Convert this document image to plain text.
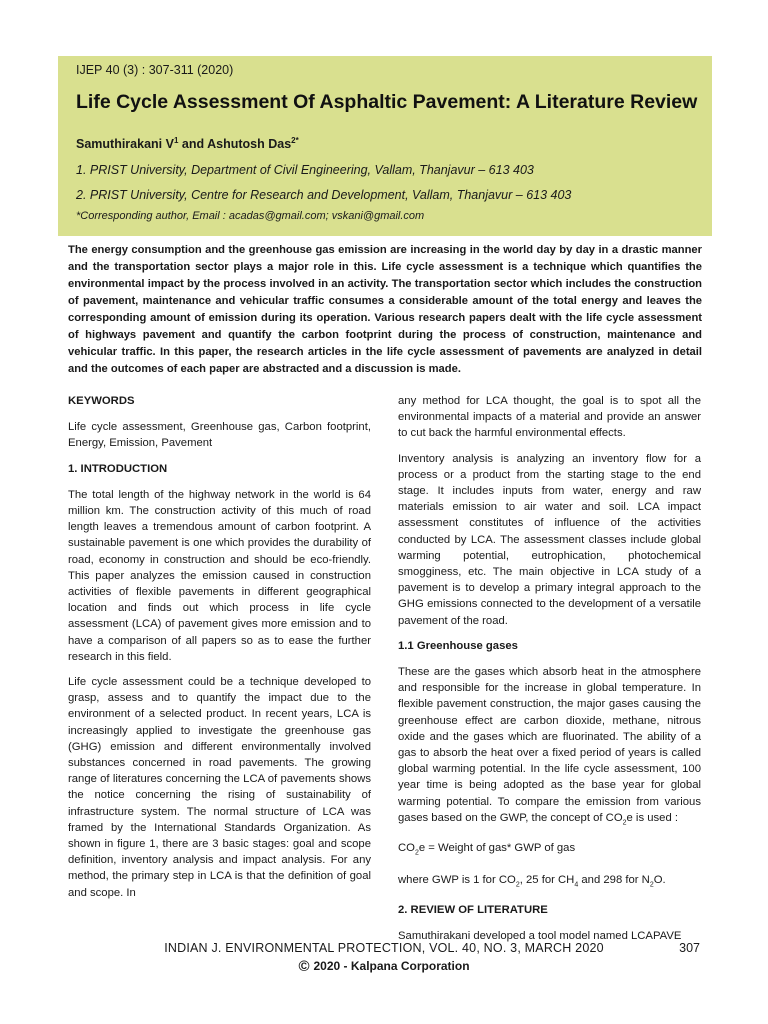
IJEP 40 (3) : 307-311 (2020)
Life Cycle Assessment Of Asphaltic Pavement: A Literature Review
Samuthirakani $V^1$ and Ashutosh Das$^{2*}$
1. PRIST University, Department of Civil Engineering, Vallam, Thanjavur – 613 403
2. PRIST University, Centre for Research and Development, Vallam, Thanjavur – 613 403
*Corresponding author, Email : acadas@gmail.com; vskani@gmail.com
The energy consumption and the greenhouse gas emission are increasing in the world day by day in a drastic manner and the transportation sector plays a major role in this. Life cycle assessment is a technique which quantifies the environmental impact by the process involved in an activity. The transportation sector which includes the construction of pavement, maintenance and vehicular traffic consumes a considerable amount of the total energy and leaves the corresponding amount of emission during its operation. Various research papers dealt with the life cycle assessment of highways pavement and quantify the carbon footprint during the process of construction, maintenance and vehicular traffic. In this paper, the research articles in the life cycle assessment of pavements are analyzed in detail and the outcomes of each paper are abstracted and a discussion is made.
KEYWORDS

Life cycle assessment, Greenhouse gas, Carbon footprint, Energy, Emission, Pavement

1. INTRODUCTION

The total length of the highway network in the world is 64 million km. The construction activity of this much of road length leaves a tremendous amount of carbon footprint. A sustainable pavement is one which provides the durability of road, economy in construction and should be eco-friendly. This paper analyzes the emission caused in construction activities of flexible pavements in different geographical location and finds out which process in life cycle assessment (LCA) of pavement gives more emission and to have a comparison of all papers so as to ease the further research in this field.

Life cycle assessment could be a technique developed to grasp, assess and to quantify the impact due to the environment of a selected product. In recent years, LCA is increasingly applied to investigate the greenhouse gas (GHG) emission and different environmentally involved substances concerned in road pavements. The growing range of literatures concerning the LCA of pavements shows the notice concerning the rising of sustainability of infrastructure system. The normal structure of LCA was framed by the International Standards Organization. As shown in figure 1, there are 3 basic stages: goal and scope definition, inventory analysis and impact analysis. For any method, the primary step in LCA is that the definition of goal and scope. In

any method for LCA thought, the goal is to spot all the environmental impacts of a material and provide an answer to cut back the harmful environmental effects.

Inventory analysis is analyzing an inventory flow for a process or a product from the starting stage to the end stage. It includes inputs from water, energy and raw materials emission to air water and soil. LCA impact assessment constitutes of influence of the activities conducted by LCA. The assessment classes include global warming potential, eutrophication, photochemical smogginess, etc. The main objective in LCA study of a pavement is to develop a primary integral approach to the GHG emissions connected to the development of a versatile pavement of the road.

1.1 Greenhouse gases

These are the gases which absorb heat in the atmosphere and responsible for the increase in global temperature. In flexible pavement construction, the major gases causing the greenhouse effect are carbon dioxide, methane, nitrous oxide and the gases which are fluorinated. The ability of a gas to absorb the heat over a fixed period of years is called global warming potential. In the life cycle assessment, 100 year time is being adopted as the base year for global warming potential. To compare the emission from various gases based on the GWP, the concept of $CO_2e$ is used :

$CO_2e$ = Weight of gas* GWP of gas

where GWP is 1 for $CO_2$, 25 for $CH_4$ and 298 for $N_2O$.

2. REVIEW OF LITERATURE

Samuthirakani developed a tool model named LCAPAVE

INDIAN J. ENVIRONMENTAL PROTECTION, VOL. 40, NO. 3, MARCH 2020	307
© 2020 - Kalpana Corporation
